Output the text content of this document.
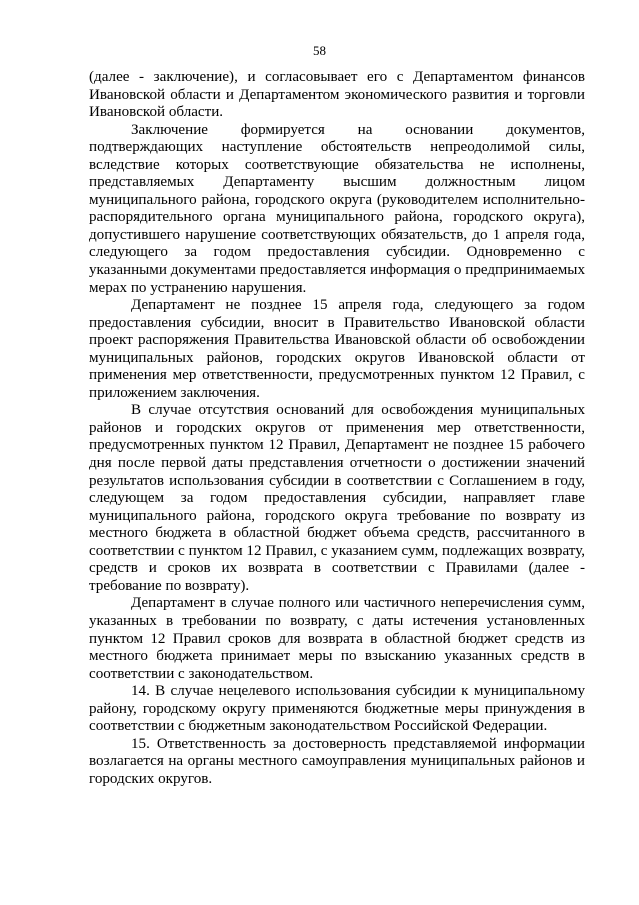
58

(далее - заключение), и согласовывает его с Департаментом финансов Ивановской области и Департаментом экономического развития и торговли Ивановской области.

Заключение формируется на основании документов, подтверждающих наступление обстоятельств непреодолимой силы, вследствие которых соответствующие обязательства не исполнены, представляемых Департаменту высшим должностным лицом муниципального района, городского округа (руководителем исполнительно-распорядительного органа муниципального района, городского округа), допустившего нарушение соответствующих обязательств, до 1 апреля года, следующего за годом предоставления субсидии. Одновременно с указанными документами предоставляется информация о предпринимаемых мерах по устранению нарушения.

Департамент не позднее 15 апреля года, следующего за годом предоставления субсидии, вносит в Правительство Ивановской области проект распоряжения Правительства Ивановской области об освобождении муниципальных районов, городских округов Ивановской области от применения мер ответственности, предусмотренных пунктом 12 Правил, с приложением заключения.

В случае отсутствия оснований для освобождения муниципальных районов и городских округов от применения мер ответственности, предусмотренных пунктом 12 Правил, Департамент не позднее 15 рабочего дня после первой даты представления отчетности о достижении значений результатов использования субсидии в соответствии с Соглашением в году, следующем за годом предоставления субсидии, направляет главе муниципального района, городского округа требование по возврату из местного бюджета в областной бюджет объема средств, рассчитанного в соответствии с пунктом 12 Правил, с указанием сумм, подлежащих возврату, средств и сроков их возврата в соответствии с Правилами (далее - требование по возврату).

Департамент в случае полного или частичного неперечисления сумм, указанных в требовании по возврату, с даты истечения установленных пунктом 12 Правил сроков для возврата в областной бюджет средств из местного бюджета принимает меры по взысканию указанных средств в соответствии с законодательством.

14. В случае нецелевого использования субсидии к муниципальному району, городскому округу применяются бюджетные меры принуждения в соответствии с бюджетным законодательством Российской Федерации.

15. Ответственность за достоверность представляемой информации возлагается на органы местного самоуправления муниципальных районов и городских округов.
